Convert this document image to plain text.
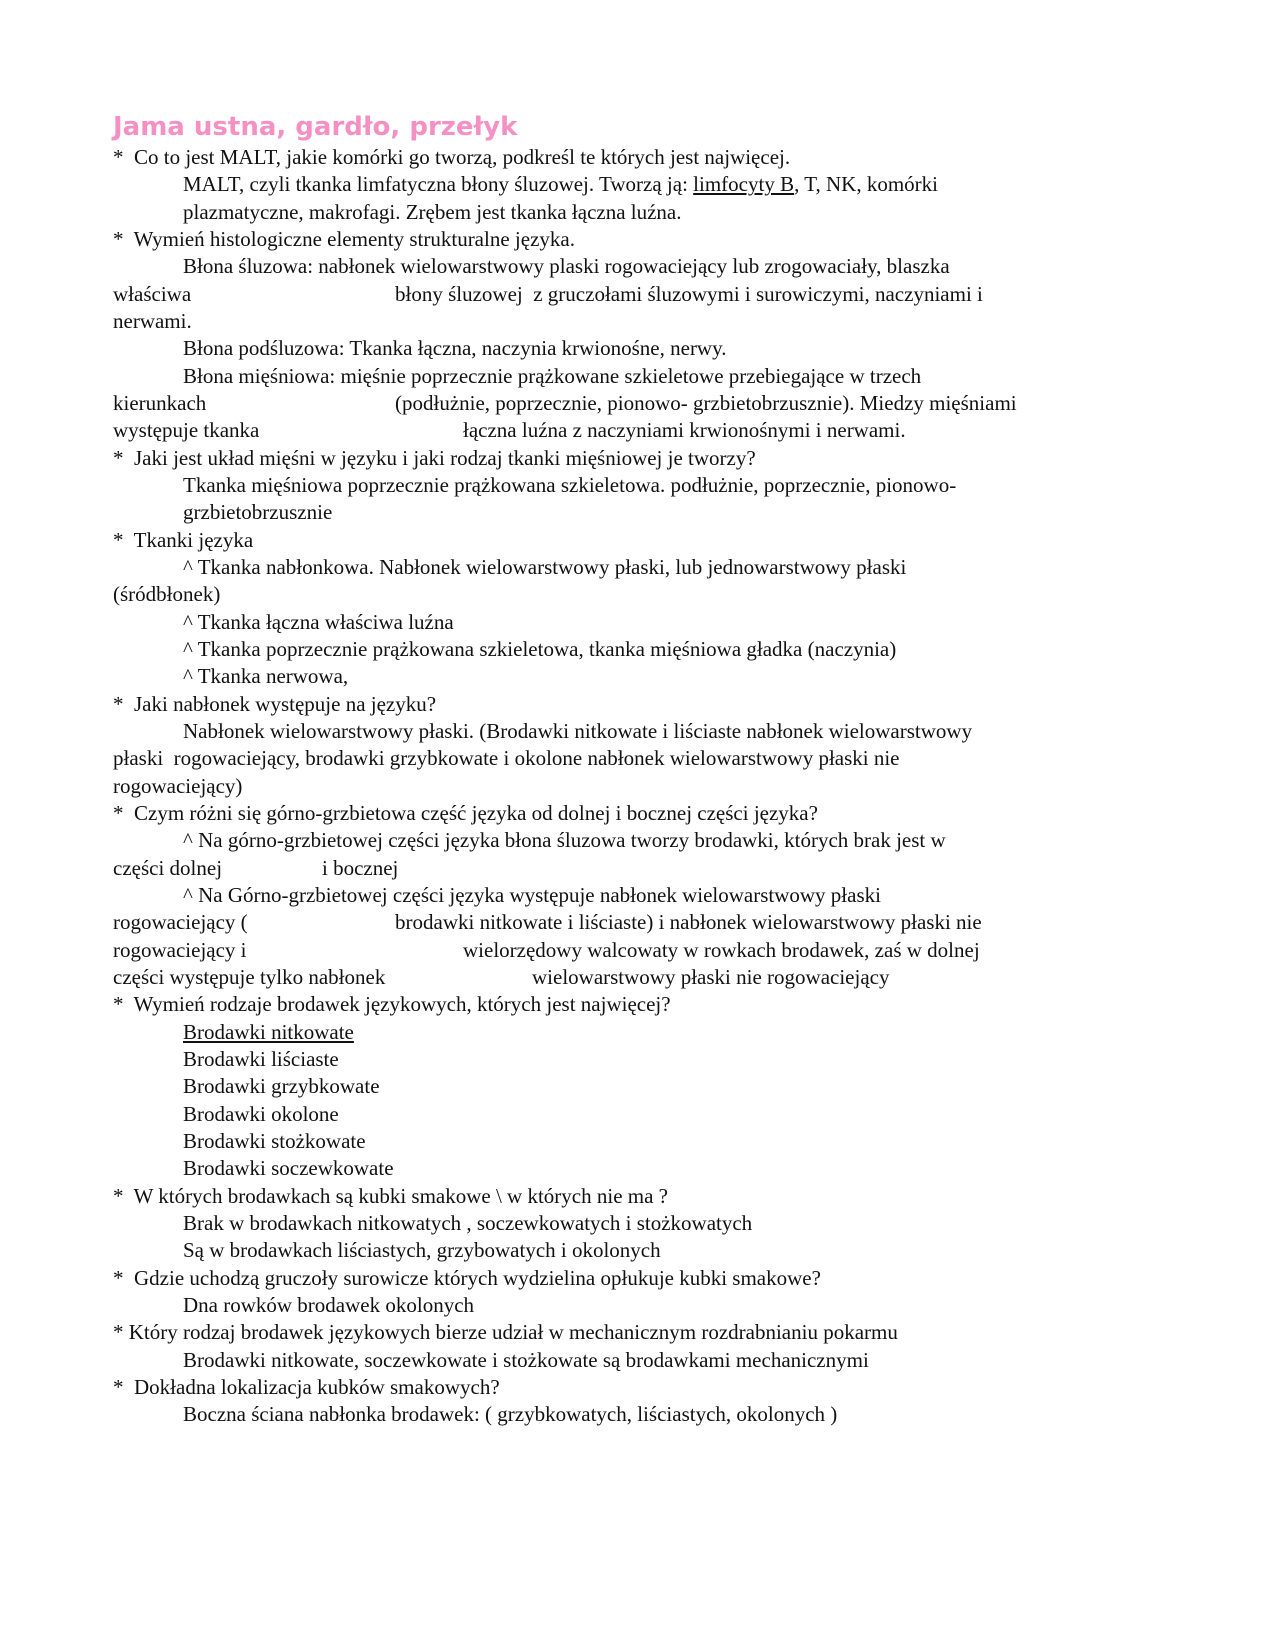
Jama ustna, gardło, przełyk
*  Co to jest MALT, jakie komórki go tworzą, podkreśl te których jest najwięcej.
MALT, czyli tkanka limfatyczna błony śluzowej. Tworzą ją: limfocyty B, T, NK, komórki
plazmatyczne, makrofagi. Zrębem jest tkanka łączna luźna.
*  Wymień histologiczne elementy strukturalne języka.
Błona śluzowa: nabłonek wielowarstwowy plaski rogowaciejący lub zrogowaciały, blaszka
właściwa	błony śluzowej  z gruczołami śluzowymi i surowiczymi, naczyniami i
nerwami.
Błona podśluzowa: Tkanka łączna, naczynia krwionośne, nerwy.
Błona mięśniowa: mięśnie poprzecznie prążkowane szkieletowe przebiegające w trzech
kierunkach	(podłużnie, poprzecznie, pionowo- grzbietobrzusznie). Miedzy mięśniami
występuje tkanka	łączna luźna z naczyniami krwionośnymi i nerwami.
*  Jaki jest układ mięśni w języku i jaki rodzaj tkanki mięśniowej je tworzy?
Tkanka mięśniowa poprzecznie prążkowana szkieletowa. podłużnie, poprzecznie, pionowo-
grzbietobrzusznie
*  Tkanki języka
^ Tkanka nabłonkowa. Nabłonek wielowarstwowy płaski, lub jednowarstwowy płaski
(śródbłonek)
^ Tkanka łączna właściwa luźna
^ Tkanka poprzecznie prążkowana szkieletowa, tkanka mięśniowa gładka (naczynia)
^ Tkanka nerwowa,
*  Jaki nabłonek występuje na języku?
Nabłonek wielowarstwowy płaski. (Brodawki nitkowate i liściaste nabłonek wielowarstwowy
płaski  rogowaciejący, brodawki grzybkowate i okolone nabłonek wielowarstwowy płaski nie
rogowaciejący)
*  Czym różni się górno-grzbietowa część języka od dolnej i bocznej części języka?
^ Na górno-grzbietowej części języka błona śluzowa tworzy brodawki, których brak jest w
części dolnej	i bocznej
^ Na Górno-grzbietowej części języka występuje nabłonek wielowarstwowy płaski
rogowaciejący (	brodawki nitkowate i liściaste) i nabłonek wielowarstwowy płaski nie
rogowaciejący i	wielorzędowy walcowaty w rowkach brodawek, zaś w dolnej
części występuje tylko nabłonek	wielowarstwowy płaski nie rogowaciejący
*  Wymień rodzaje brodawek językowych, których jest najwięcej?
Brodawki nitkowate
Brodawki liściaste
Brodawki grzybkowate
Brodawki okolone
Brodawki stożkowate
Brodawki soczewkowate
*  W których brodawkach są kubki smakowe \ w których nie ma ?
Brak w brodawkach nitkowatych , soczewkowatych i stożkowatych
Są w brodawkach liściastych, grzybowatych i okolonych
*  Gdzie uchodzą gruczoły surowicze których wydzielina opłukuje kubki smakowe?
Dna rowków brodawek okolonych
* Który rodzaj brodawek językowych bierze udział w mechanicznym rozdrabnianiu pokarmu
Brodawki nitkowate, soczewkowate i stożkowate są brodawkami mechanicznymi
*  Dokładna lokalizacja kubków smakowych?
Boczna ściana nabłonka brodawek: ( grzybkowatych, liściastych, okolonych )
